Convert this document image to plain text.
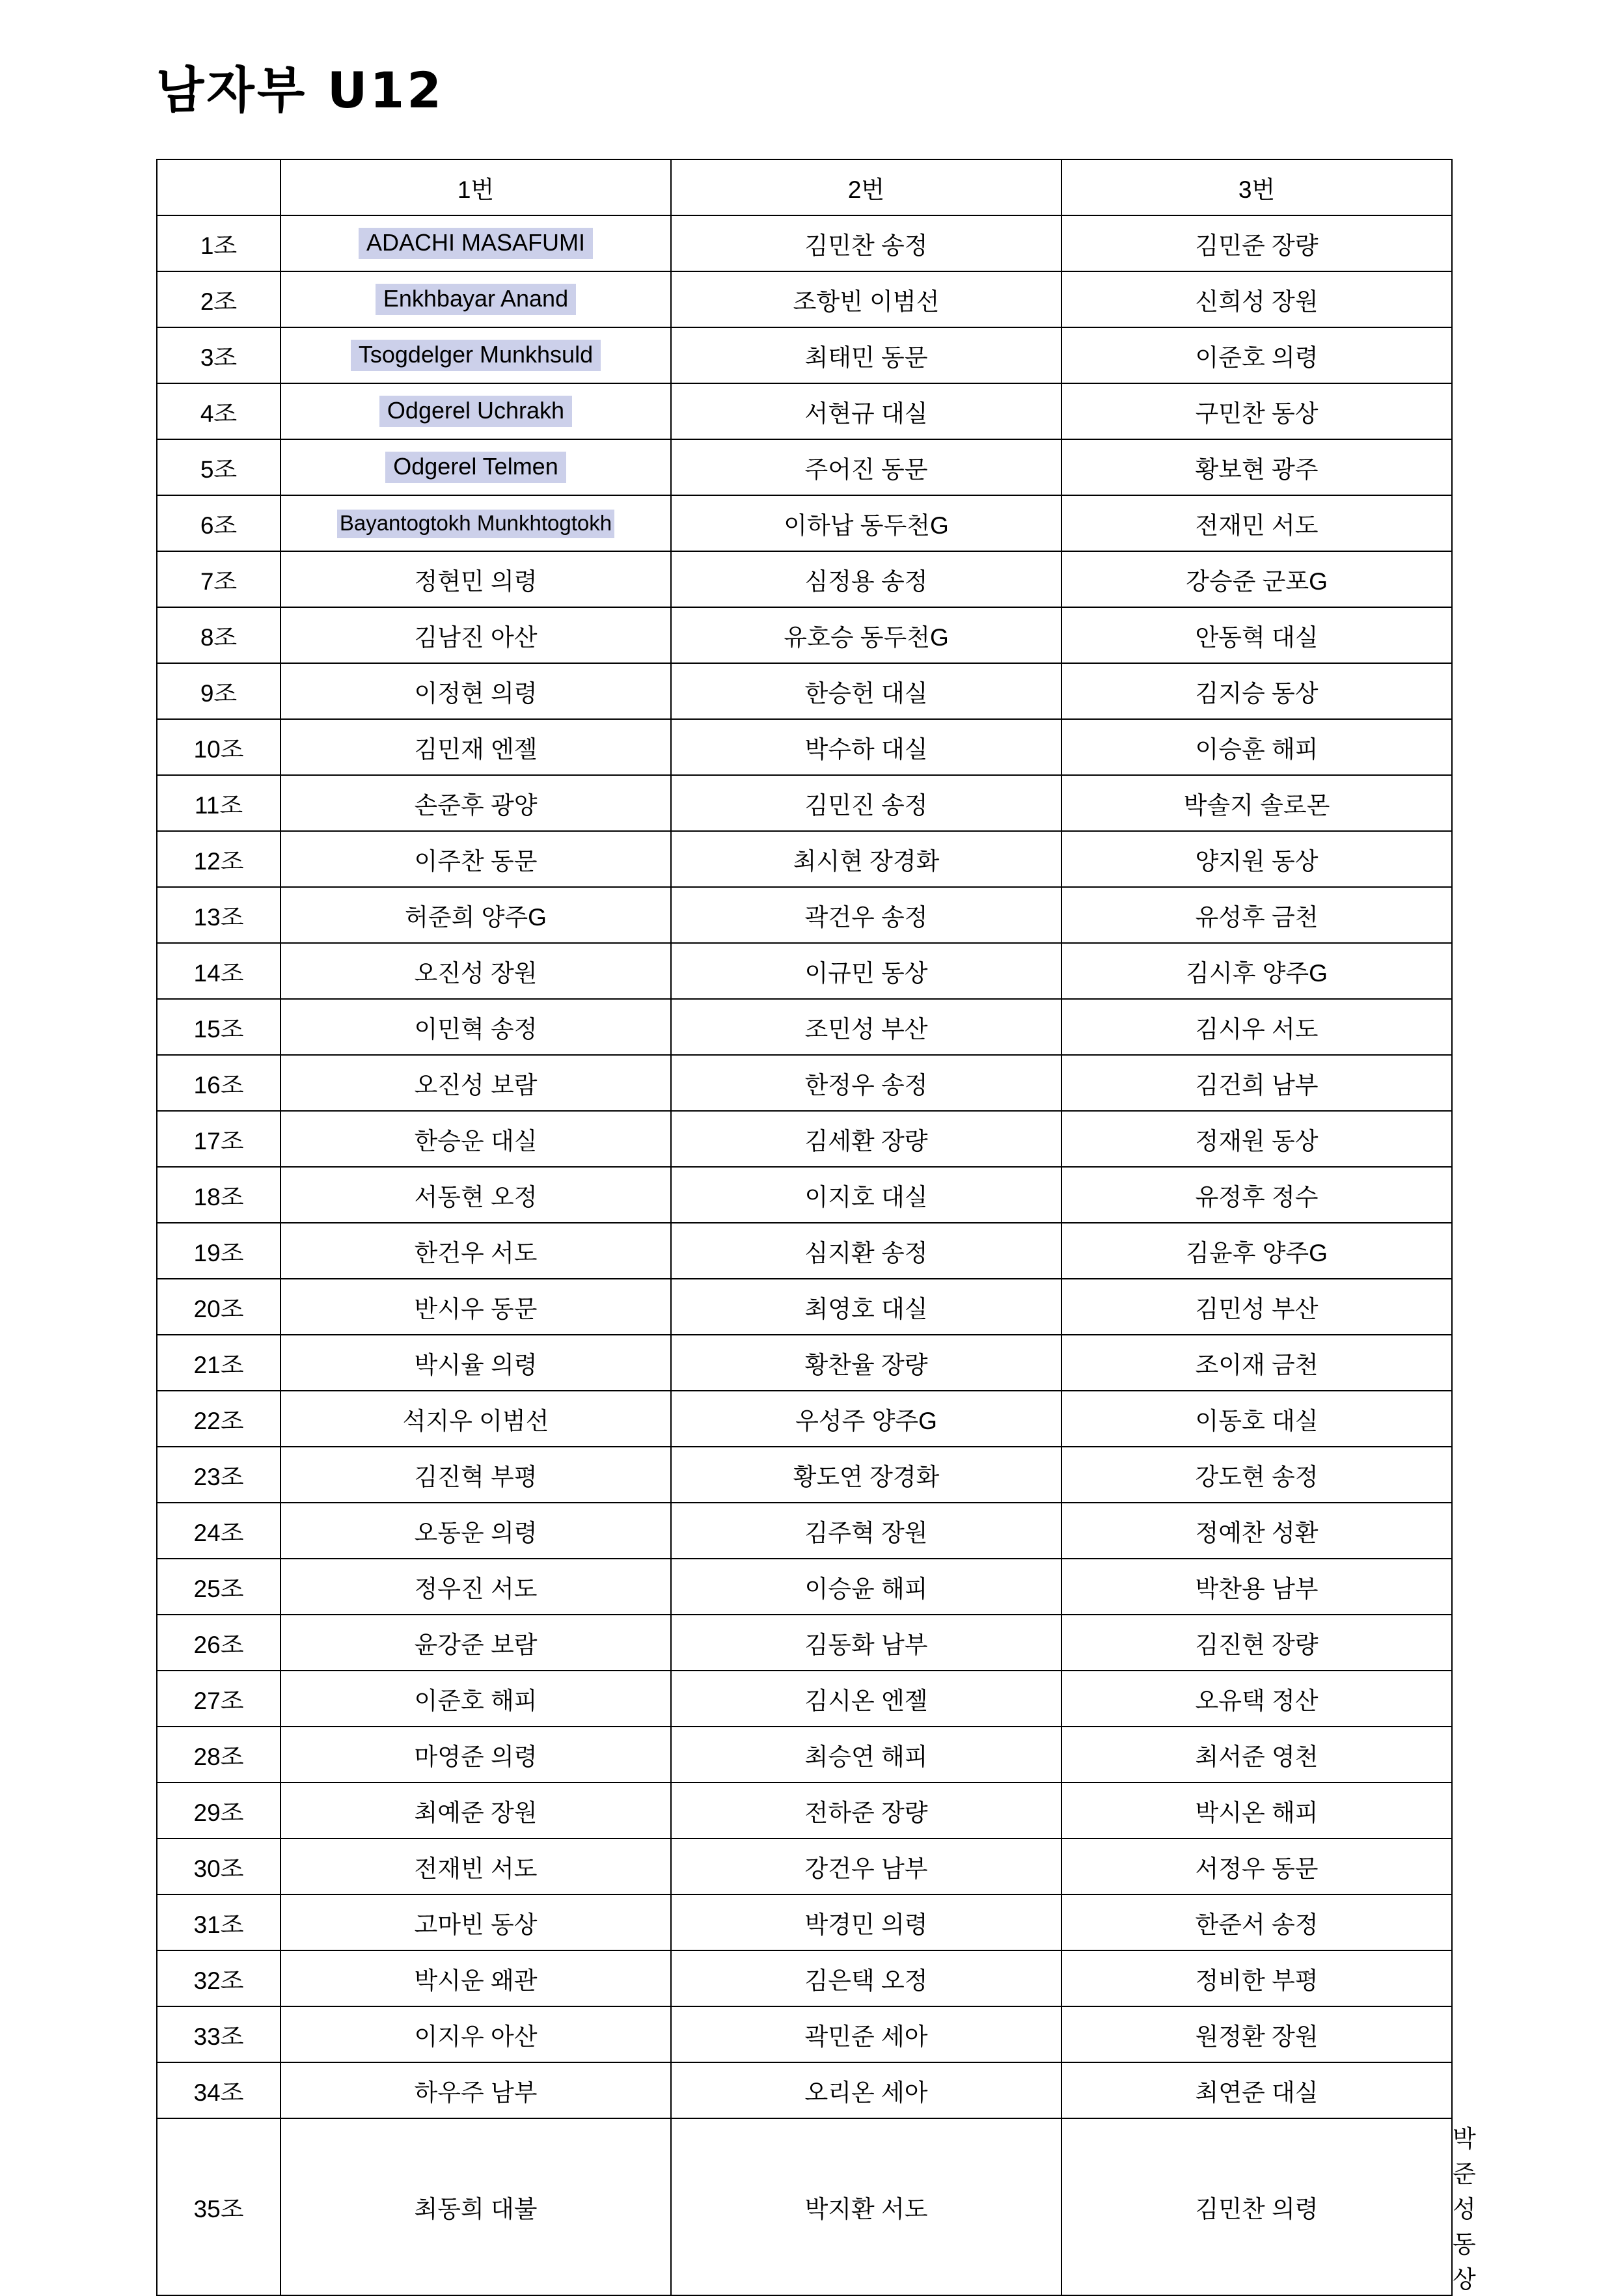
남자부 U12
	1번	2번	3번	
1조	ADACHI MASAFUMI	김민찬 송정	김민준 장량	
2조	Enkhbayar Anand	조항빈 이범선	신희성 장원	
3조	Tsogdelger Munkhsuld	최태민 동문	이준호 의령	
4조	Odgerel Uchrakh	서현규 대실	구민찬 동상	
5조	Odgerel Telmen	주어진 동문	황보현 광주	
6조	Bayantogtokh Munkhtogtokh	이하납 동두천G	전재민 서도	
7조	정현민 의령	심정용 송정	강승준 군포G	
8조	김남진 아산	유호승 동두천G	안동혁 대실	
9조	이정현 의령	한승헌 대실	김지승 동상	
10조	김민재 엔젤	박수하 대실	이승훈 해피	
11조	손준후 광양	김민진 송정	박솔지 솔로몬	
12조	이주찬 동문	최시현 장경화	양지원 동상	
13조	허준희 양주G	곽건우 송정	유성후 금천	
14조	오진성 장원	이규민 동상	김시후 양주G	
15조	이민혁 송정	조민성 부산	김시우 서도	
16조	오진성 보람	한정우 송정	김건희 남부	
17조	한승운 대실	김세환 장량	정재원 동상	
18조	서동현 오정	이지호 대실	유정후 정수	
19조	한건우 서도	심지환 송정	김윤후 양주G	
20조	반시우 동문	최영호 대실	김민성 부산	
21조	박시율 의령	황찬율 장량	조이재 금천	
22조	석지우 이범선	우성주 양주G	이동호 대실	
23조	김진혁 부평	황도연 장경화	강도현 송정	
24조	오동운 의령	김주혁 장원	정예찬 성환	
25조	정우진 서도	이승윤 해피	박찬용 남부	
26조	윤강준 보람	김동화 남부	김진현 장량	
27조	이준호 해피	김시온 엔젤	오유택 정산	
28조	마영준 의령	최승연 해피	최서준 영천	
29조	최예준 장원	전하준 장량	박시온 해피	
30조	전재빈 서도	강건우 남부	서정우 동문	
31조	고마빈 동상	박경민 의령	한준서 송정	
32조	박시운 왜관	김은택 오정	정비한 부평	
33조	이지우 아산	곽민준 세아	원정환 장원	
34조	하우주 남부	오리온 세아	최연준 대실	
35조	최동희 대불	박지환 서도	김민찬 의령	박준성 동상
